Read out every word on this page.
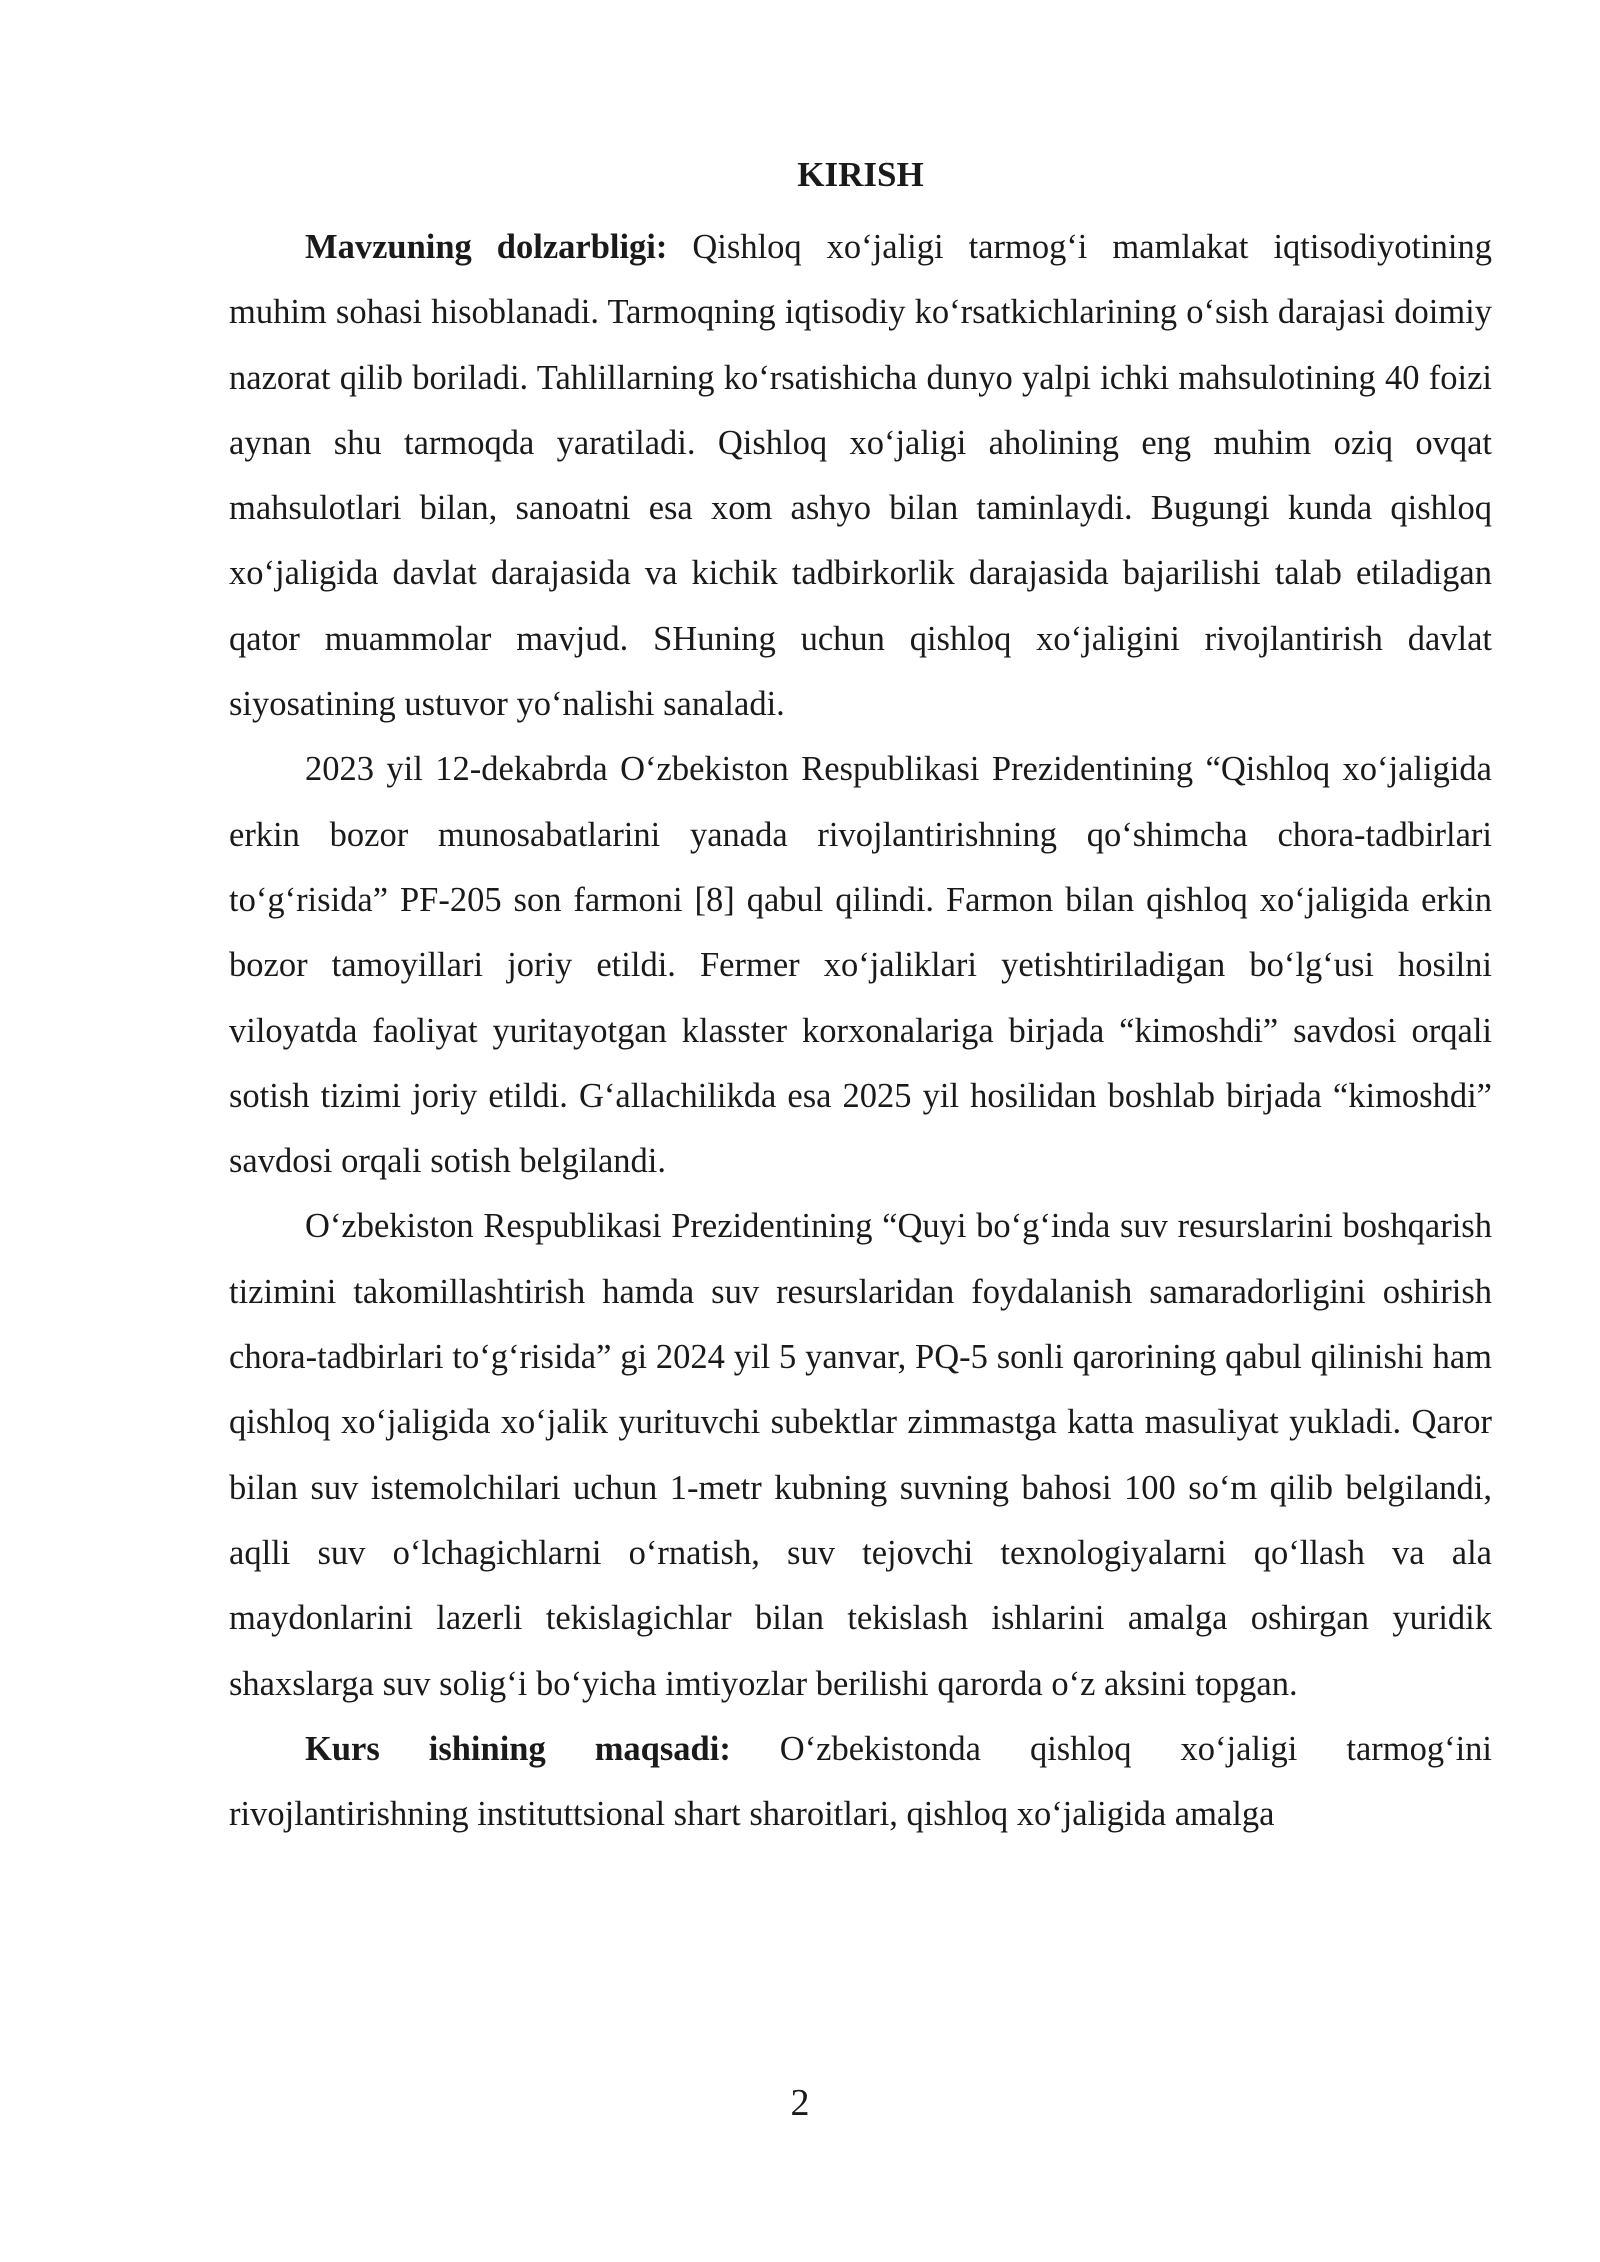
KIRISH

Mavzuning dolzarbligi: Qishloq xo‘jaligi tarmog‘i mamlakat iqtisodiyotining muhim sohasi hisoblanadi. Tarmoqning iqtisodiy ko‘rsatkichlarining o‘sish darajasi doimiy nazorat qilib boriladi. Tahlillarning ko‘rsatishicha dunyo yalpi ichki mahsulotining 40 foizi aynan shu tarmoqda yaratiladi. Qishloq xo‘jaligi aholining eng muhim oziq ovqat mahsulotlari bilan, sanoatni esa xom ashyo bilan taminlaydi. Bugungi kunda qishloq xo‘jaligida davlat darajasida va kichik tadbirkorlik darajasida bajarilishi talab etiladigan qator muammolar mavjud. SHuning uchun qishloq xo‘jaligini rivojlantirish davlat siyosatining ustuvor yo‘nalishi sanaladi.

2023 yil 12-dekabrda O‘zbekiston Respublikasi Prezidentining “Qishloq xo‘jaligida erkin bozor munosabatlarini yanada rivojlantirishning qo‘shimcha chora-tadbirlari to‘g‘risida” PF-205 son farmoni [8] qabul qilindi. Farmon bilan qishloq xo‘jaligida erkin bozor tamoyillari joriy etildi. Fermer xo‘jaliklari yetishtiriladigan bo‘lg‘usi hosilni viloyatda faoliyat yuritayotgan klasster korxonalariga birjada “kimoshdi” savdosi orqali sotish tizimi joriy etildi. G‘allachilikda esa 2025 yil hosilidan boshlab birjada “kimoshdi” savdosi orqali sotish belgilandi.

O‘zbekiston Respublikasi Prezidentining “Quyi bo‘g‘inda suv resurslarini boshqarish tizimini takomillashtirish hamda suv resurslaridan foydalanish samaradorligini oshirish chora-tadbirlari to‘g‘risida” gi 2024 yil 5 yanvar, PQ-5 sonli qarorining qabul qilinishi ham qishloq xo‘jaligida xo‘jalik yurituvchi subektlar zimmastga katta masuliyat yukladi. Qaror bilan suv istemolchilari uchun 1-metr kubning suvning bahosi 100 so‘m qilib belgilandi, aqlli suv o‘lchagichlarni o‘rnatish, suv tejovchi texnologiyalarni qo‘llash va ala maydonlarini lazerli tekislagichlar bilan tekislash ishlarini amalga oshirgan yuridik shaxslarga suv solig‘i bo‘yicha imtiyozlar berilishi qarorda o‘z aksini topgan.

Kurs ishining maqsadi: O‘zbekistonda qishloq xo‘jaligi tarmog‘ini rivojlantirishning instituttsional shart sharoitlari, qishloq xo‘jaligida amalga

2
